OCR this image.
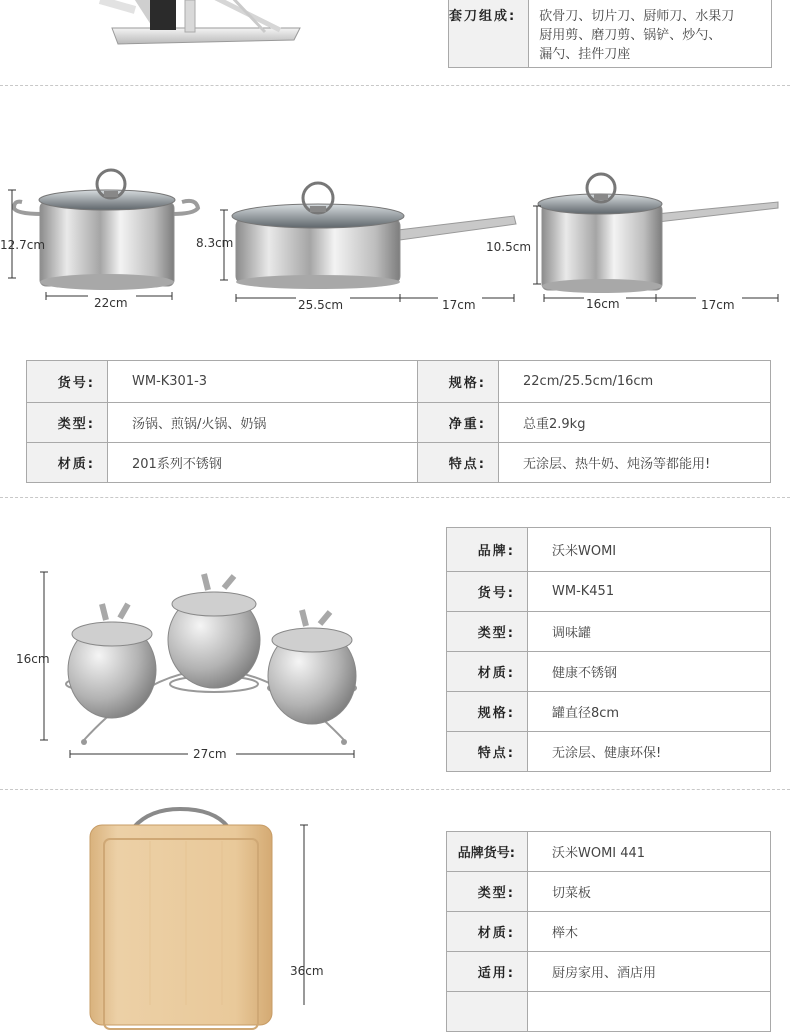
套刀组成:	砍骨刀、切片刀、厨师刀、水果刀
厨用剪、磨刀剪、锅铲、炒勺、
漏勺、挂件刀座
12.7cm
22cm
8.3cm
25.5cm	17cm
10.5cm
16cm	17cm
货号:	WM-K301-3	规格:	22cm/25.5cm/16cm
类型:	汤锅、煎锅/火锅、奶锅	净重:	总重2.9kg
材质:	201系列不锈钢	特点:	无涂层、热牛奶、炖汤等都能用!
16cm
27cm
品牌:	沃米WOMI
货号:	WM-K451
类型:	调味罐
材质:	健康不锈钢
规格:	罐直径8cm
特点:	无涂层、健康环保!
36cm
品牌货号:	沃米WOMI 441
类型:	切菜板
材质:	榉木
适用:	厨房家用、酒店用
